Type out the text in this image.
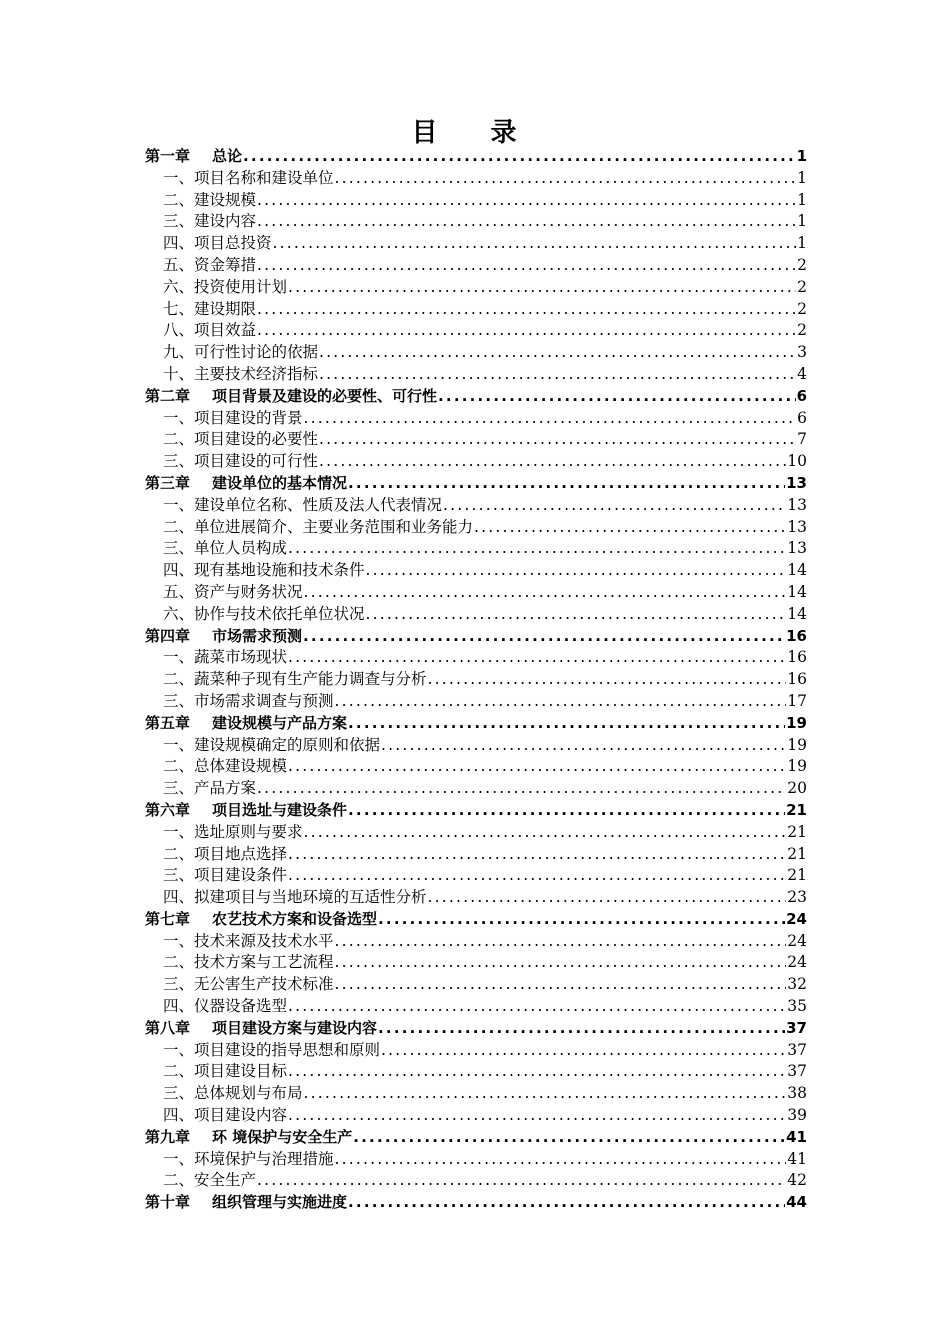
目 录
第一章 总论 .....	1
一、项目名称和建设单位 .....	1
二、建设规模 .....	1
三、建设内容 .....	1
四、项目总投资 .....	1
五、资金筹措 .....	2
六、投资使用计划 .....	2
七、建设期限 .....	2
八、项目效益 .....	2
九、可行性讨论的依据 .....	3
十、主要技术经济指标 .....	4
第二章 项目背景及建设的必要性、可行性 .....	6
一、项目建设的背景 .....	6
二、项目建设的必要性 .....	7
三、项目建设的可行性 .....	10
第三章 建设单位的基本情况 .....	13
一、建设单位名称、性质及法人代表情况 .....	13
二、单位进展简介、主要业务范围和业务能力 .....	13
三、单位人员构成 .....	13
四、现有基地设施和技术条件 .....	14
五、资产与财务状况 .....	14
六、协作与技术依托单位状况 .....	14
第四章 市场需求预测 .....	16
一、蔬菜市场现状 .....	16
二、蔬菜种子现有生产能力调查与分析 .....	16
三、市场需求调查与预测 .....	17
第五章 建设规模与产品方案 .....	19
一、建设规模确定的原则和依据 .....	19
二、总体建设规模 .....	19
三、产品方案 .....	20
第六章 项目选址与建设条件 .....	21
一、选址原则与要求 .....	21
二、项目地点选择 .....	21
三、项目建设条件 .....	21
四、拟建项目与当地环境的互适性分析 .....	23
第七章 农艺技术方案和设备选型 .....	24
一、技术来源及技术水平 .....	24
二、技术方案与工艺流程 .....	24
三、无公害生产技术标准 .....	32
四、仪器设备选型 .....	35
第八章 项目建设方案与建设内容 .....	37
一、项目建设的指导思想和原则 .....	37
二、项目建设目标 .....	37
三、总体规划与布局 .....	38
四、项目建设内容 .....	39
第九章 环 境保护与安全生产 .....	41
一、环境保护与治理措施 .....	41
二、安全生产 .....	42
第十章 组织管理与实施进度 .....	44
